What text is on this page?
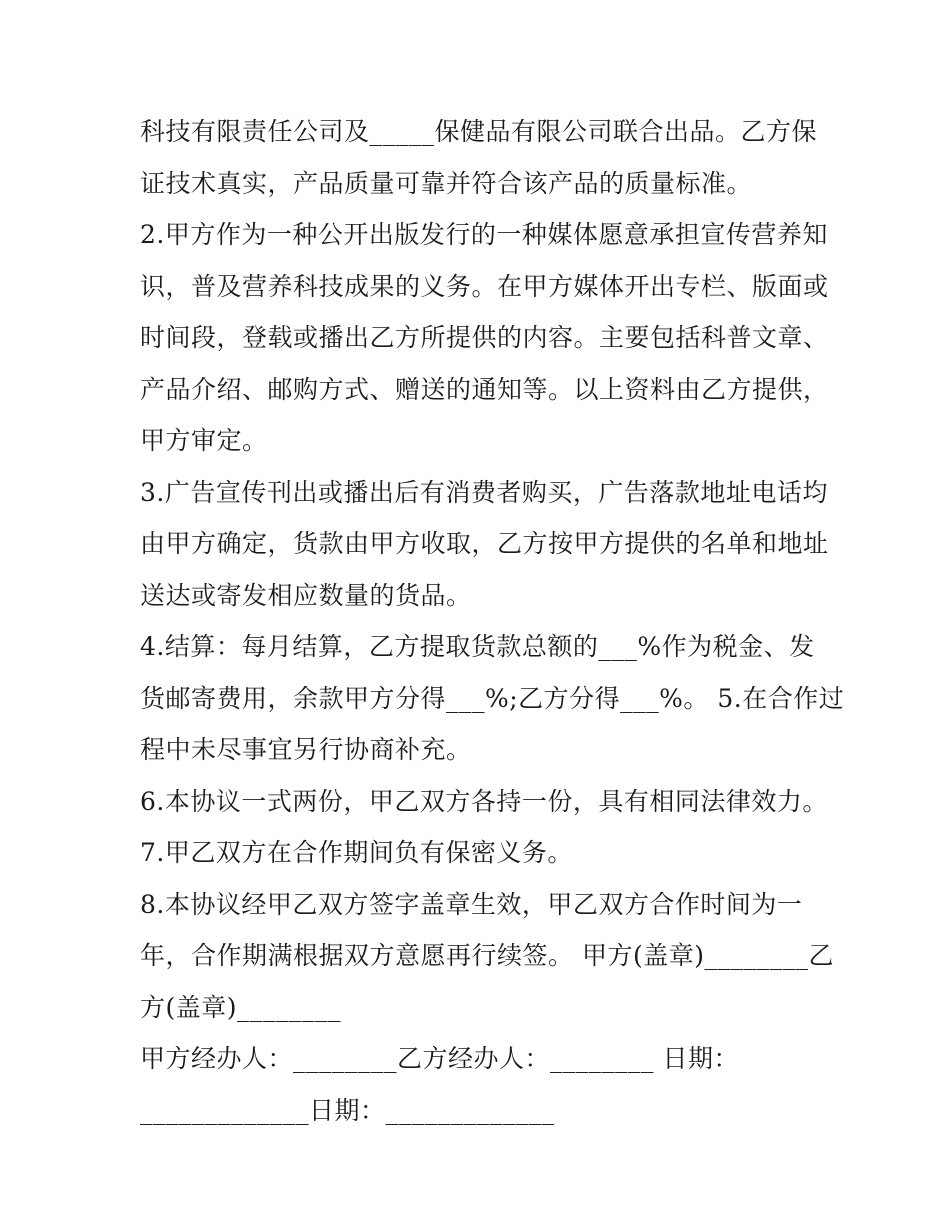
科技有限责任公司及_____保健品有限公司联合出品。乙方保
证技术真实，产品质量可靠并符合该产品的质量标准。
2.甲方作为一种公开出版发行的一种媒体愿意承担宣传营养知
识，普及营养科技成果的义务。在甲方媒体开出专栏、版面或
时间段，登载或播出乙方所提供的内容。主要包括科普文章、
产品介绍、邮购方式、赠送的通知等。以上资料由乙方提供，
甲方审定。
3.广告宣传刊出或播出后有消费者购买，广告落款地址电话均
由甲方确定，货款由甲方收取，乙方按甲方提供的名单和地址
送达或寄发相应数量的货品。
4.结算：每月结算，乙方提取货款总额的___%作为税金、发
货邮寄费用，余款甲方分得___%;乙方分得___%。 5.在合作过
程中未尽事宜另行协商补充。
6.本协议一式两份，甲乙双方各持一份，具有相同法律效力。
7.甲乙双方在合作期间负有保密义务。
8.本协议经甲乙双方签字盖章生效，甲乙双方合作时间为一
年，合作期满根据双方意愿再行续签。 甲方(盖章)________乙
方(盖章)________
甲方经办人：________乙方经办人：________ 日期：
_____________日期：_____________
